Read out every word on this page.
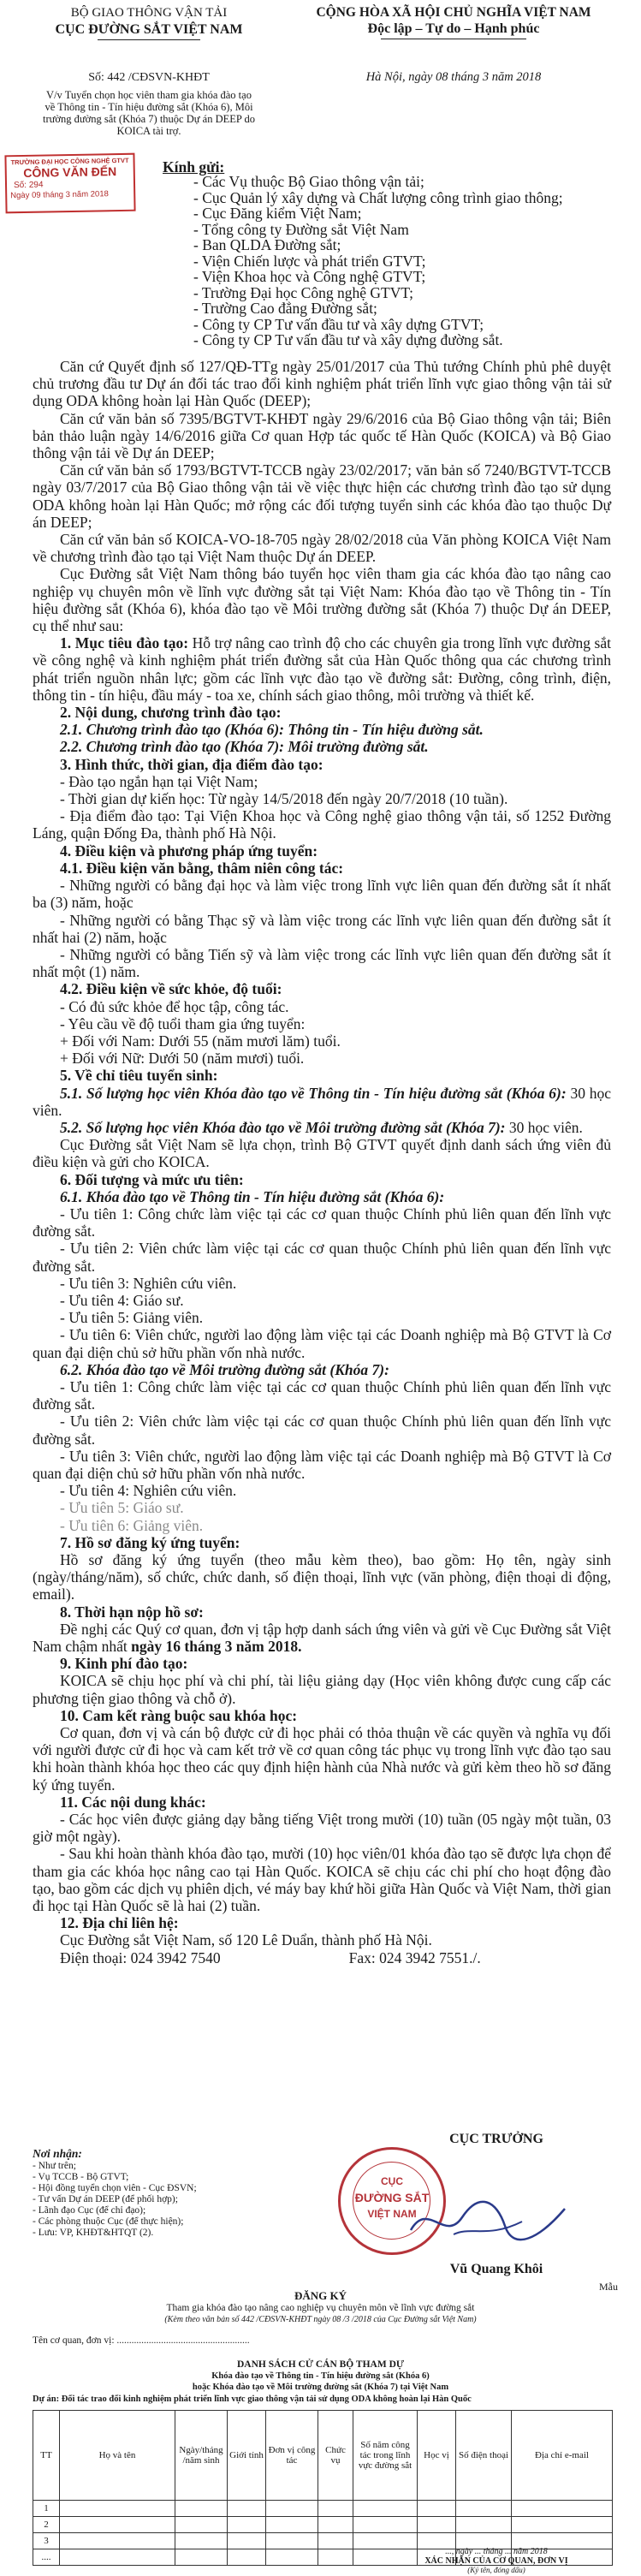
BỘ GIAO THÔNG VẬN TẢI
CỤC ĐƯỜNG SẮT VIỆT NAM
Số: 442 /CĐSVN-KHĐT
V/v Tuyển chọn học viên tham gia khóa đào tạo về Thông tin - Tín hiệu đường sắt (Khóa 6), Môi trường đường sắt (Khóa 7) thuộc Dự án DEEP do KOICA tài trợ.
CỘNG HÒA XÃ HỘI CHỦ NGHĨA VIỆT NAM
Độc lập – Tự do – Hạnh phúc
Hà Nội, ngày 08 tháng 3 năm 2018
TRƯỜNG ĐẠI HỌC CÔNG NGHỆ GTVT
CÔNG VĂN ĐẾN
Số: 294
Ngày 09 tháng 3 năm 2018
Kính gửi:
- Các Vụ thuộc Bộ Giao thông vận tải;
- Cục Quản lý xây dựng và Chất lượng công trình giao thông;
- Cục Đăng kiểm Việt Nam;
- Tổng công ty Đường sắt Việt Nam
- Ban QLDA Đường sắt;
- Viện Chiến lược và phát triển GTVT;
- Viện Khoa học và Công nghệ GTVT;
- Trường Đại học Công nghệ GTVT;
- Trường Cao đẳng Đường sắt;
- Công ty CP Tư vấn đầu tư và xây dựng GTVT;
- Công ty CP Tư vấn đầu tư và xây dựng đường sắt.
Căn cứ Quyết định số 127/QĐ-TTg ngày 25/01/2017 của Thủ tướng Chính phủ phê duyệt chủ trương đầu tư Dự án đối tác trao đổi kinh nghiệm phát triển lĩnh vực giao thông vận tải sử dụng ODA không hoàn lại Hàn Quốc (DEEP);
Căn cứ văn bản số 7395/BGTVT-KHĐT ngày 29/6/2016 của Bộ Giao thông vận tải; Biên bản thảo luận ngày 14/6/2016 giữa Cơ quan Hợp tác quốc tế Hàn Quốc (KOICA) và Bộ Giao thông vận tải về Dự án DEEP;
Căn cứ văn bản số 1793/BGTVT-TCCB ngày 23/02/2017; văn bản số 7240/BGTVT-TCCB ngày 03/7/2017 của Bộ Giao thông vận tải về việc thực hiện các chương trình đào tạo sử dụng ODA không hoàn lại Hàn Quốc; mở rộng các đối tượng tuyển sinh các khóa đào tạo thuộc Dự án DEEP;
Căn cứ văn bản số KOICA-VO-18-705 ngày 28/02/2018 của Văn phòng KOICA Việt Nam về chương trình đào tạo tại Việt Nam thuộc Dự án DEEP.
Cục Đường sắt Việt Nam thông báo tuyển học viên tham gia các khóa đào tạo nâng cao nghiệp vụ chuyên môn về lĩnh vực đường sắt tại Việt Nam: Khóa đào tạo về Thông tin - Tín hiệu đường sắt (Khóa 6), khóa đào tạo về Môi trường đường sắt (Khóa 7) thuộc Dự án DEEP, cụ thể như sau:
1. Mục tiêu đào tạo: Hỗ trợ nâng cao trình độ cho các chuyên gia trong lĩnh vực đường sắt về công nghệ và kinh nghiệm phát triển đường sắt của Hàn Quốc thông qua các chương trình phát triển nguồn nhân lực; gồm các lĩnh vực đào tạo về đường sắt: Đường, công trình, điện, thông tin - tín hiệu, đầu máy - toa xe, chính sách giao thông, môi trường và thiết kế.
2. Nội dung, chương trình đào tạo:
2.1. Chương trình đào tạo (Khóa 6): Thông tin - Tín hiệu đường sắt.
2.2. Chương trình đào tạo (Khóa 7): Môi trường đường sắt.
3. Hình thức, thời gian, địa điểm đào tạo:
- Đào tạo ngắn hạn tại Việt Nam;
- Thời gian dự kiến học: Từ ngày 14/5/2018 đến ngày 20/7/2018 (10 tuần).
- Địa điểm đào tạo: Tại Viện Khoa học và Công nghệ giao thông vận tải, số 1252 Đường Láng, quận Đống Đa, thành phố Hà Nội.
4. Điều kiện và phương pháp ứng tuyển:
4.1. Điều kiện văn bằng, thâm niên công tác:
- Những người có bằng đại học và làm việc trong lĩnh vực liên quan đến đường sắt ít nhất ba (3) năm, hoặc
- Những người có bằng Thạc sỹ và làm việc trong các lĩnh vực liên quan đến đường sắt ít nhất hai (2) năm, hoặc
- Những người có bằng Tiến sỹ và làm việc trong các lĩnh vực liên quan đến đường sắt ít nhất một (1) năm.
4.2. Điều kiện về sức khỏe, độ tuổi:
- Có đủ sức khỏe để học tập, công tác.
- Yêu cầu về độ tuổi tham gia ứng tuyển:
+ Đối với Nam: Dưới 55 (năm mươi lăm) tuổi.
+ Đối với Nữ: Dưới 50 (năm mươi) tuổi.
5. Về chỉ tiêu tuyển sinh:
5.1. Số lượng học viên Khóa đào tạo về Thông tin - Tín hiệu đường sắt (Khóa 6): 30 học viên.
5.2. Số lượng học viên Khóa đào tạo về Môi trường đường sắt (Khóa 7): 30 học viên.
Cục Đường sắt Việt Nam sẽ lựa chọn, trình Bộ GTVT quyết định danh sách ứng viên đủ điều kiện và gửi cho KOICA.
6. Đối tượng và mức ưu tiên:
6.1. Khóa đào tạo về Thông tin - Tín hiệu đường sắt (Khóa 6):
- Ưu tiên 1: Công chức làm việc tại các cơ quan thuộc Chính phủ liên quan đến lĩnh vực đường sắt.
- Ưu tiên 2: Viên chức làm việc tại các cơ quan thuộc Chính phủ liên quan đến lĩnh vực đường sắt.
- Ưu tiên 3: Nghiên cứu viên.
- Ưu tiên 4: Giáo sư.
- Ưu tiên 5: Giảng viên.
- Ưu tiên 6: Viên chức, người lao động làm việc tại các Doanh nghiệp mà Bộ GTVT là Cơ quan đại diện chủ sở hữu phần vốn nhà nước.
6.2. Khóa đào tạo về Môi trường đường sắt (Khóa 7):
- Ưu tiên 1: Công chức làm việc tại các cơ quan thuộc Chính phủ liên quan đến lĩnh vực đường sắt.
- Ưu tiên 2: Viên chức làm việc tại các cơ quan thuộc Chính phủ liên quan đến lĩnh vực đường sắt.
- Ưu tiên 3: Viên chức, người lao động làm việc tại các Doanh nghiệp mà Bộ GTVT là Cơ quan đại diện chủ sở hữu phần vốn nhà nước.
- Ưu tiên 4: Nghiên cứu viên.
- Ưu tiên 5: Giáo sư.
- Ưu tiên 6: Giảng viên.
7. Hồ sơ đăng ký ứng tuyển:
Hồ sơ đăng ký ứng tuyển (theo mẫu kèm theo), bao gồm: Họ tên, ngày sinh (ngày/tháng/năm), số chức, chức danh, số điện thoại, lĩnh vực (văn phòng, điện thoại di động, email).
8. Thời hạn nộp hồ sơ:
Đề nghị các Quý cơ quan, đơn vị tập hợp danh sách ứng viên và gửi về Cục Đường sắt Việt Nam chậm nhất ngày 16 tháng 3 năm 2018.
9. Kinh phí đào tạo:
KOICA sẽ chịu học phí và chi phí, tài liệu giảng dạy (Học viên không được cung cấp các phương tiện giao thông và chỗ ở).
10. Cam kết ràng buộc sau khóa học:
Cơ quan, đơn vị và cán bộ được cử đi học phải có thỏa thuận về các quyền và nghĩa vụ đối với người được cử đi học và cam kết trở về cơ quan công tác phục vụ trong lĩnh vực đào tạo sau khi hoàn thành khóa học theo các quy định hiện hành của Nhà nước và gửi kèm theo hồ sơ đăng ký ứng tuyển.
11. Các nội dung khác:
- Các học viên được giảng dạy bằng tiếng Việt trong mười (10) tuần (05 ngày một tuần, 03 giờ một ngày).
- Sau khi hoàn thành khóa đào tạo, mười (10) học viên/01 khóa đào tạo sẽ được lựa chọn để tham gia các khóa học nâng cao tại Hàn Quốc. KOICA sẽ chịu các chi phí cho hoạt động đào tạo, bao gồm các dịch vụ phiên dịch, vé máy bay khứ hồi giữa Hàn Quốc và Việt Nam, thời gian đi học tại Hàn Quốc sẽ là hai (2) tuần.
12. Địa chỉ liên hệ:
Cục Đường sắt Việt Nam, số 120 Lê Duẩn, thành phố Hà Nội.
Điện thoại: 024 3942 7540	Fax: 024 3942 7551./.
Nơi nhận:
- Như trên;
- Vụ TCCB - Bộ GTVT;
- Hội đồng tuyển chọn viên - Cục ĐSVN;
- Tư vấn Dự án DEEP (để phối hợp);
- Lãnh đạo Cục (để chỉ đạo);
- Các phòng thuộc Cục (để thực hiện);
- Lưu: VP, KHĐT&HTQT (2).
CỤC TRƯỞNG
CỤC
ĐƯỜNG SẮT
VIỆT NAM
Vũ Quang Khôi
Mẫu
ĐĂNG KÝ
Tham gia khóa đào tạo nâng cao nghiệp vụ chuyên môn về lĩnh vực đường sắt
(Kèm theo văn bản số 442 /CĐSVN-KHĐT ngày 08 /3 /2018 của Cục Đường sắt Việt Nam)
Tên cơ quan, đơn vị: ......................................................
DANH SÁCH CỬ CÁN BỘ THAM DỰ
Khóa đào tạo về Thông tin - Tín hiệu đường sắt (Khóa 6)
hoặc Khóa đào tạo về Môi trường đường sắt (Khóa 7) tại Việt Nam
Dự án: Đối tác trao đổi kinh nghiệm phát triển lĩnh vực giao thông vận tải sử dụng ODA không hoàn lại Hàn Quốc
TT	Họ và tên	Ngày/tháng /năm sinh	Giới tính	Đơn vị công tác	Chức vụ	Số năm công tác trong lĩnh vực đường sắt	Học vị	Số điện thoại	Địa chỉ e-mail
1									
2									
3									
....									
..., ngày ... tháng ... năm 2018
XÁC NHẬN CỦA CƠ QUAN, ĐƠN VỊ
(Ký tên, đóng dấu)
